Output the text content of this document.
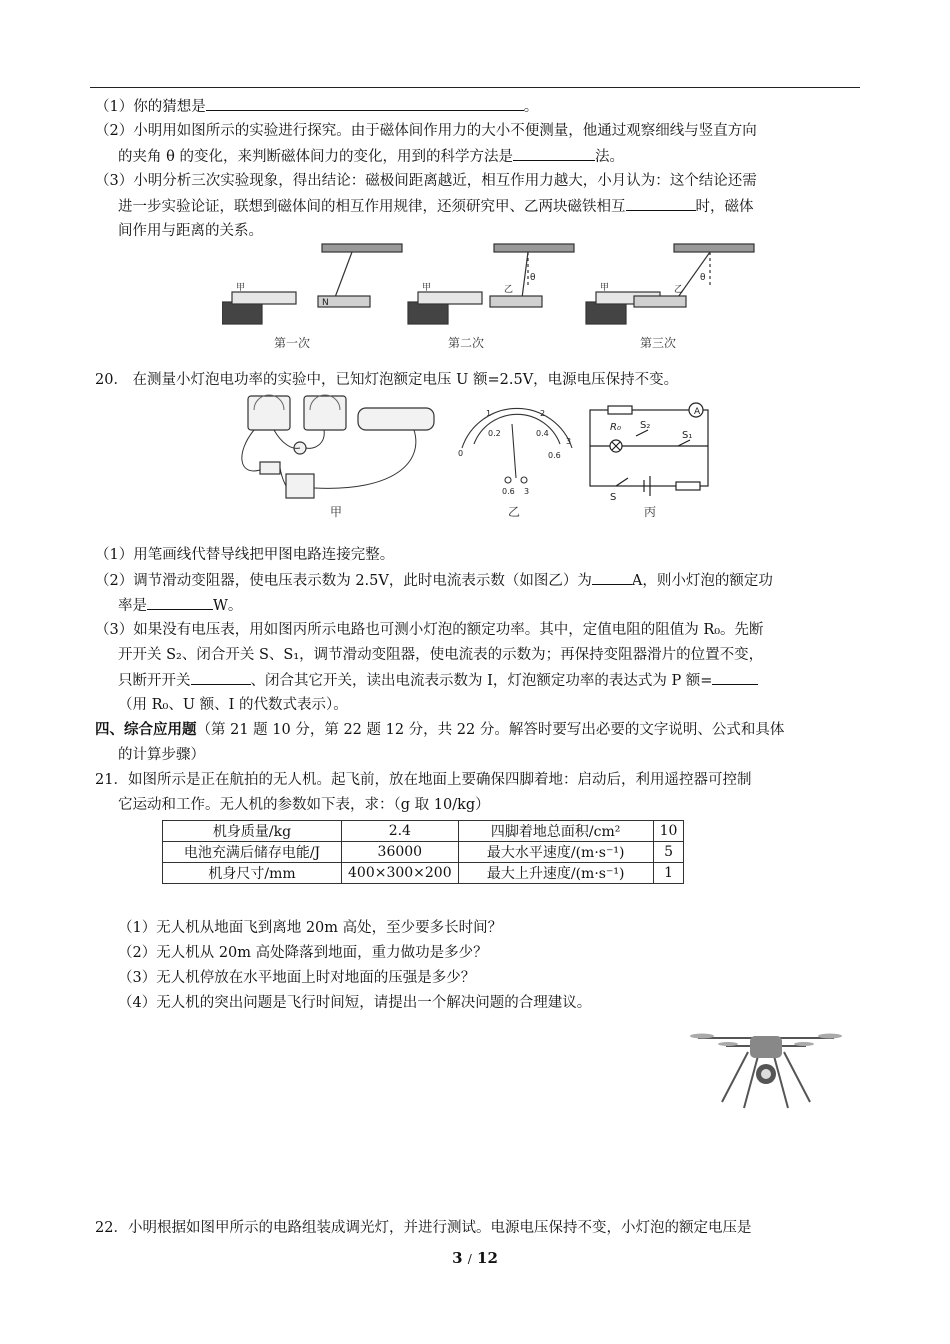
（1）你的猜想是	。
（2）小明用如图所示的实验进行探究。由于磁体间作用力的大小不便测量，他通过观察细线与竖直方向
的夹角 θ 的变化，来判断磁体间力的变化，用到的科学方法是	法。
（3）小明分析三次实验现象，得出结论：磁极间距离越近，相互作用力越大，小月认为：这个结论还需
进一步实验论证，联想到磁体间的相互作用规律，还须研究甲、乙两块磁铁相互	时，磁体
间作用与距离的关系。
甲	甲	甲
N
乙	乙
θ	θ
第一次	第二次	第三次
20． 在测量小灯泡电功率的实验中，已知灯泡额定电压 U 额=2.5V，电源电压保持不变。
甲
0
1	2
3
0.2	0.4
0.6
0.6 3
乙
A
R₀ S₂
S₁
S
丙
（1）用笔画线代替导线把甲图电路连接完整。
（2）调节滑动变阻器，使电压表示数为 2.5V，此时电流表示数（如图乙）为	A，则小灯泡的额定功
率是	W。
（3）如果没有电压表，用如图丙所示电路也可测小灯泡的额定功率。其中，定值电阻的阻值为 R₀。先断
开开关 S₂、闭合开关 S、S₁，调节滑动变阻器，使电流表的示数为；再保持变阻器滑片的位置不变，
只断开开关	、闭合其它开关，读出电流表示数为 I，灯泡额定功率的表达式为 P 额=
（用 R₀、U 额、I 的代数式表示）。
四、综合应用题（第 21 题 10 分，第 22 题 12 分，共 22 分。解答时要写出必要的文字说明、公式和具体
的计算步骤）
21．如图所示是正在航拍的无人机。起飞前，放在地面上要确保四脚着地：启动后，利用遥控器可控制
它运动和工作。无人机的参数如下表，求：（g 取 10/kg）
机身质量/kg	2.4	四脚着地总面积/cm²	10
电池充满后储存电能/J	36000	最大水平速度/(m·s⁻¹)	5
机身尺寸/mm	400×300×200	最大上升速度/(m·s⁻¹)	1
（1）无人机从地面飞到离地 20m 高处，至少要多长时间？
（2）无人机从 20m 高处降落到地面，重力做功是多少？
（3）无人机停放在水平地面上时对地面的压强是多少？
（4）无人机的突出问题是飞行时间短，请提出一个解决问题的合理建议。
22．小明根据如图甲所示的电路组装成调光灯，并进行测试。电源电压保持不变，小灯泡的额定电压是
3 / 12
